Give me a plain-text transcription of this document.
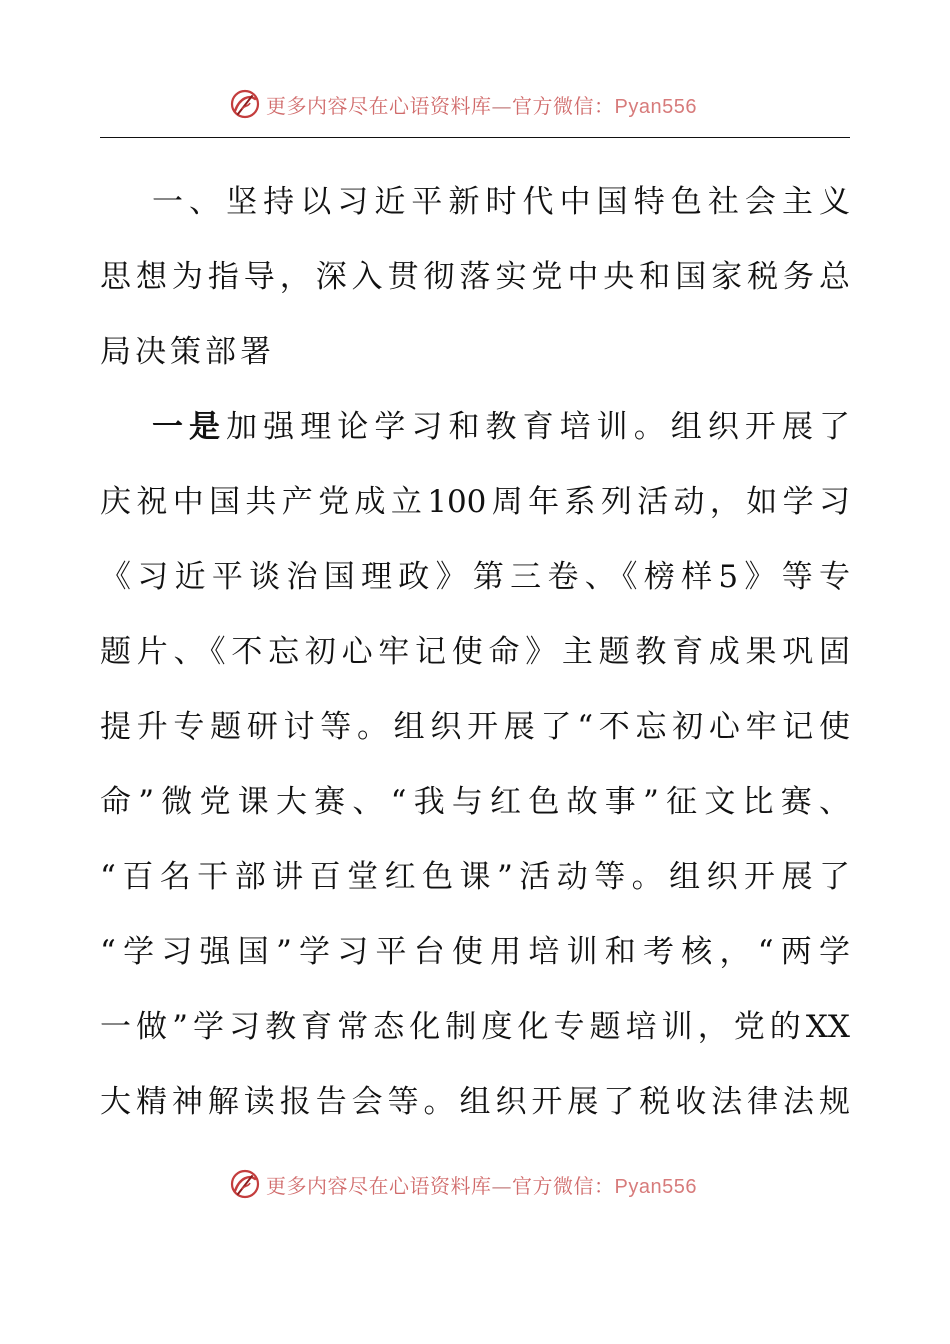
更多内容尽在心语资料库—官方微信：Pyan556
一、坚持以习近平新时代中国特色社会主义
思想为指导，深入贯彻落实党中央和国家税务总
局决策部署
一是加强理论学习和教育培训。组织开展了
庆祝中国共产党成立100周年系列活动，如学习
《习近平谈治国理政》第三卷、《榜样5》等专
题片、《不忘初心牢记使命》主题教育成果巩固
提升专题研讨等。组织开展了“不忘初心牢记使
命”微党课大赛、“我与红色故事”征文比赛、
“百名干部讲百堂红色课”活动等。组织开展了
“学习强国”学习平台使用培训和考核，“两学
一做”学习教育常态化制度化专题培训，党的XX
大精神解读报告会等。组织开展了税收法律法规
更多内容尽在心语资料库—官方微信：Pyan556
